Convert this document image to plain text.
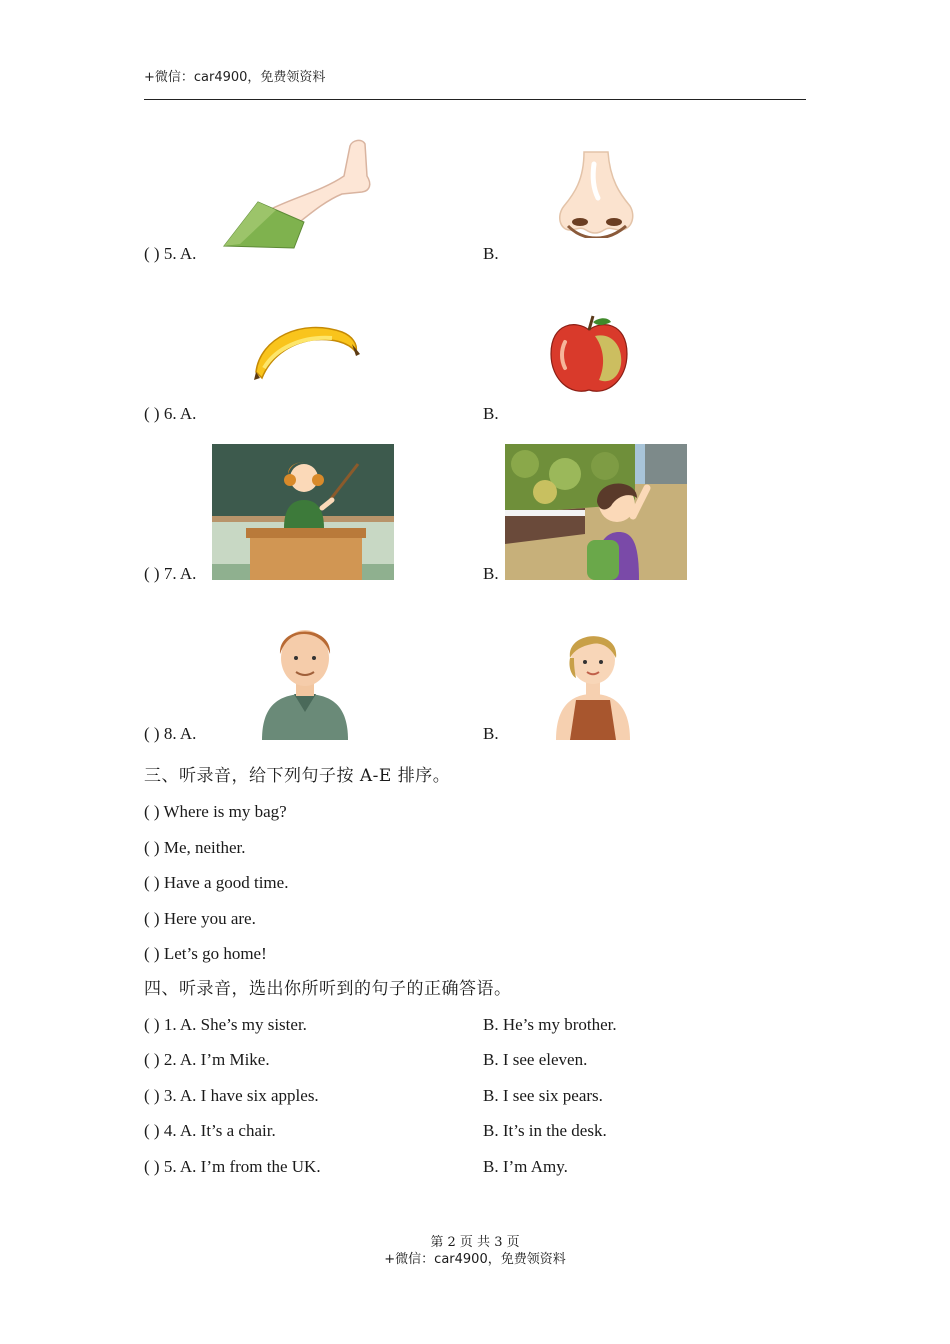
+微信：car4900，免费领资料
( ) 5. A.	B.
( ) 6. A.	B.
( ) 7. A.	B.
( ) 8. A.	B.
三、听录音，给下列句子按 A-E 排序。
( ) Where is my bag?
( ) Me, neither.
( ) Have a good time.
( ) Here you are.
( ) Let’s go home!
四、听录音，选出你所听到的句子的正确答语。
( ) 1. A. She’s my sister.	B. He’s my brother.
( ) 2. A. I’m Mike.	B. I see eleven.
( ) 3. A. I have six apples.	B. I see six pears.
( ) 4. A. It’s a chair.	B. It’s in the desk.
( ) 5. A. I’m from the UK.	B. I’m Amy.
第 2 页 共 3 页
+微信：car4900，免费领资料
